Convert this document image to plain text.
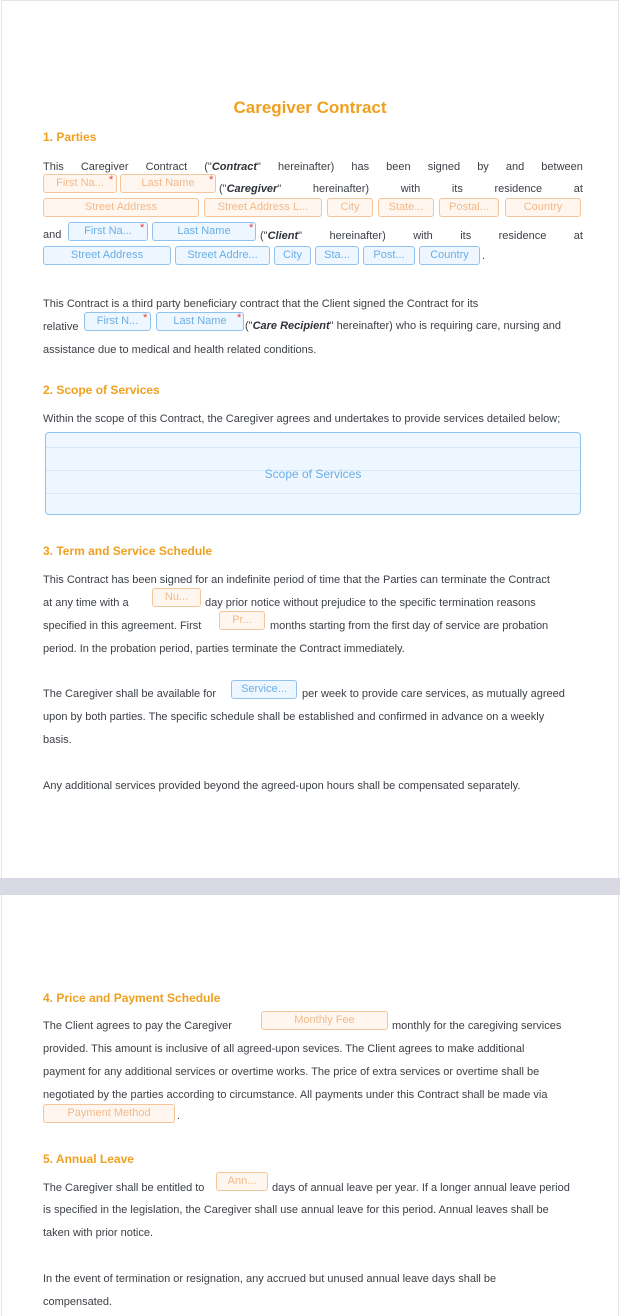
Caregiver Contract
1. Parties
This Caregiver Contract ("Contract" hereinafter) has been signed by and between
First Na... *	Last Name	*
("Caregiver"	hereinafter)	with	its	residence	at
Street Address	Street Address L...	City	State...	Postal...	Country
and	First Na... *	Last Name	*
("Client" hereinafter) with its residence at
Street Address	Street Addre...	City	Sta...	Post...	Country	.
This Contract is a third party beneficiary contract that the Client signed the Contract for its
relative	First N... *	Last Name *
("Care Recipient" hereinafter) who is requiring care, nursing and
assistance due to medical and health related conditions.
2. Scope of Services
Within the scope of this Contract, the Caregiver agrees and undertakes to provide services detailed below;
Scope of Services
3. Term and Service Schedule
This Contract has been signed for an indefinite period of time that the Parties can terminate the Contract
at any time with a	Nu...	day prior notice without prejudice to the specific termination reasons
specified in this agreement. First	Pr...	months starting from the first day of service are probation
period. In the probation period, parties terminate the Contract immediately.
The Caregiver shall be available for	Service...	per week to provide care services, as mutually agreed
upon by both parties. The specific schedule shall be established and confirmed in advance on a weekly
basis.
Any additional services provided beyond the agreed-upon hours shall be compensated separately.
4. Price and Payment Schedule
The Client agrees to pay the Caregiver	Monthly Fee	monthly for the caregiving services
provided. This amount is inclusive of all agreed-upon sevices. The Client agrees to make additional
payment for any additional services or overtime works. The price of extra services or overtime shall be
negotiated by the parties according to circumstance. All payments under this Contract shall be made via
Payment Method	.
5. Annual Leave
The Caregiver shall be entitled to
Ann...
days of annual leave per year. If a longer annual leave period
is specified in the legislation, the Caregiver shall use annual leave for this period. Annual leaves shall be
taken with prior notice.
In the event of termination or resignation, any accrued but unused annual leave days shall be
compensated.
